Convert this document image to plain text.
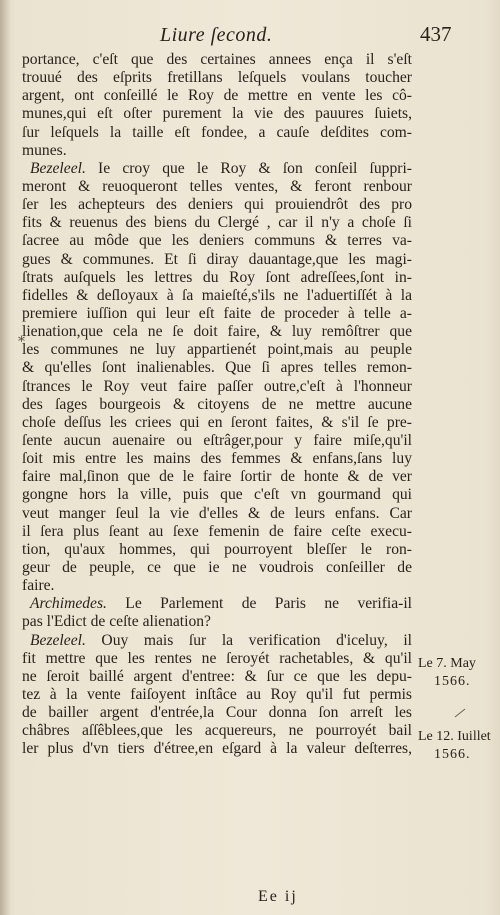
Liure ſecond.	437
*
portance, c'eſt que des certaines annees ença il s'eſt
trouué des eſprits fretillans leſquels voulans toucher
argent, ont conſeillé le Roy de mettre en vente les cô-
munes,qui eſt oſter purement la vie des pauures ſuiets,
ſur leſquels la taille eſt fondee, a cauſe deſdites com-
munes.
Bezeleel. Ie croy que le Roy & ſon conſeil ſuppri-
meront & reuoqueront telles ventes, & feront renbour
ſer les achepteurs des deniers qui prouiendrôt des pro
fits & reuenus des biens du Clergé , car il n'y a choſe ſi
ſacree au môde que les deniers communs & terres va-
gues & communes. Et ſi diray dauantage,que les magi-
ſtrats auſquels les lettres du Roy ſont adreſſees,ſont in-
fidelles & deſloyaux à ſa maieſté,s'ils ne l'aduertiſſét à la
premiere iuſſion qui leur eſt faite de proceder à telle a-
lienation,que cela ne ſe doit faire, & luy remôſtrer que
les communes ne luy appartienét point,mais au peuple
& qu'elles ſont inalienables. Que ſi apres telles remon-
ſtrances le Roy veut faire paſſer outre,c'eſt à l'honneur
des ſages bourgeois & citoyens de ne mettre aucune
choſe deſſus les criees qui en ſeront faites, & s'il ſe pre-
ſente aucun auenaire ou eſtrâger,pour y faire miſe,qu'il
ſoit mis entre les mains des femmes & enfans,ſans luy
faire mal,ſinon que de le faire ſortir de honte & de ver
gongne hors la ville, puis que c'eſt vn gourmand qui
veut manger ſeul la vie d'elles & de leurs enfans. Car
il ſera plus ſeant au ſexe femenin de faire ceſte execu-
tion, qu'aux hommes, qui pourroyent bleſſer le ron-
geur de peuple, ce que ie ne voudrois conſeiller de
faire.
Archimedes. Le Parlement de Paris ne verifia-il
pas l'Edict de ceſte alienation?
Bezeleel. Ouy mais ſur la verification d'iceluy, il
fit mettre que les rentes ne ſeroyét rachetables, & qu'il
ne ſeroit baillé argent d'entree: & ſur ce que les depu-
tez à la vente faiſoyent inſtâce au Roy qu'il fut permis
de bailler argent d'entrée,la Cour donna ſon arreſt les
châbres aſſêblees,que les acquereurs, ne pourroyét bail
ler plus d'vn tiers d'étree,en eſgard à la valeur deſterres,
Le 7. May
1566.
Le 12. Iuillet
1566.
Ee ij
